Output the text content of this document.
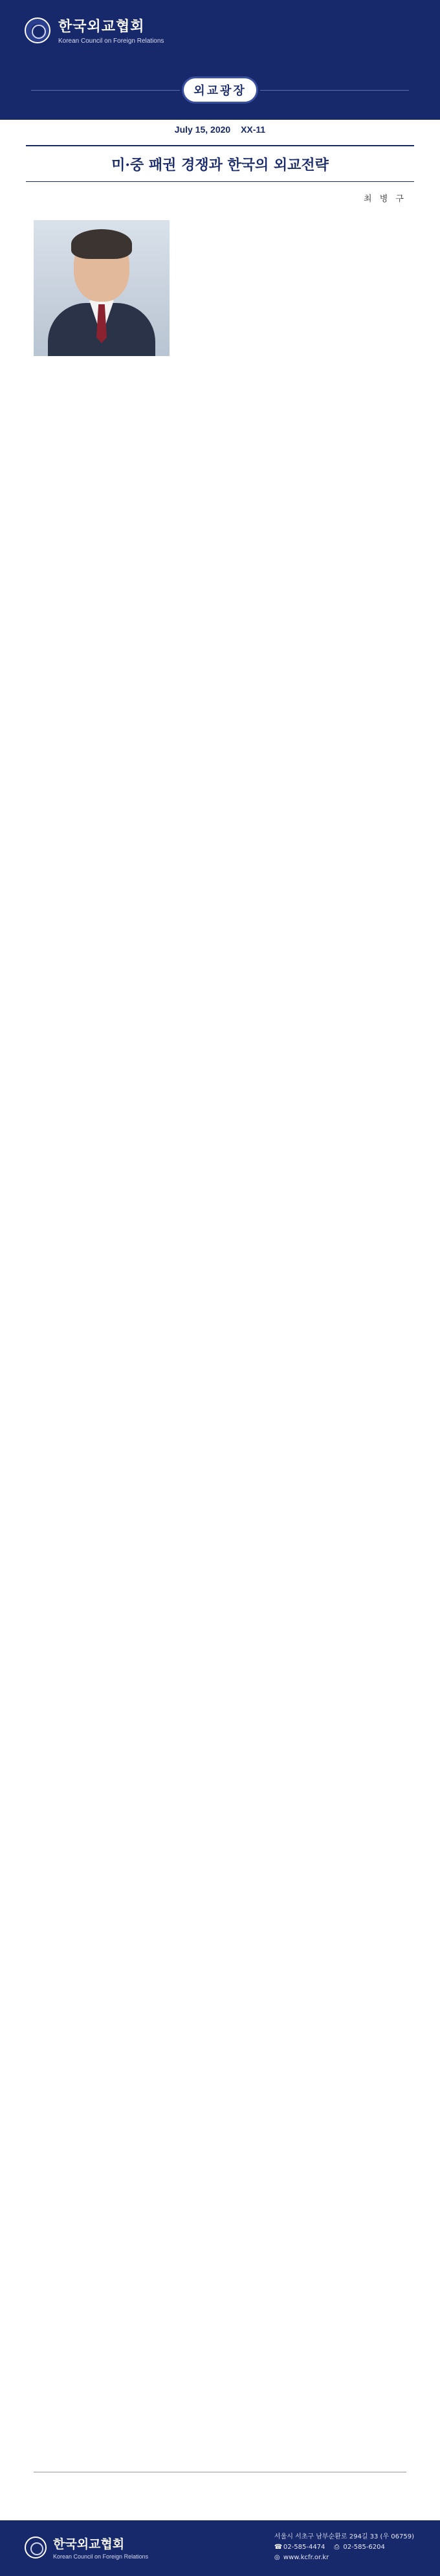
한국외교협회
Korean Council on Foreign Relations
외교광장
July 15, 2020 XX-11
미·중 패권 경쟁과 한국의 외교전략
최 병 구

한국외교협회
Korean Council on Foreign Relations
서울시 서초구 남부순환로 294길 33 (우 06759)
☎ 02-585-4474 ⎙ 02-585-6204
◎ www.kcfr.or.kr
